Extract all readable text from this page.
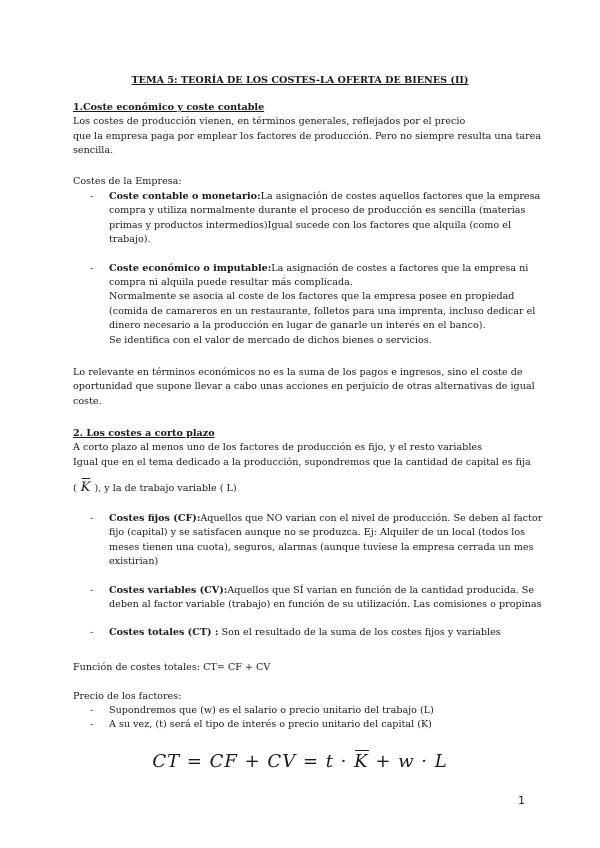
TEMA 5: TEORÍA DE LOS COSTES-LA OFERTA DE BIENES (II)
1.Coste económico y coste contable
Los costes de producción vienen, en términos generales, reflejados por el precio
que la empresa paga por emplear los factores de producción. Pero no siempre resulta una tarea
sencilla.
Costes de la Empresa:
- Coste contable o monetario:La asignación de costes aquellos factores que la empresa
compra y utiliza normalmente durante el proceso de producción es sencilla (materias
primas y productos intermedios)Igual sucede con los factores que alquila (como el
trabajo).
- Coste económico o imputable:La asignación de costes a factores que la empresa ni
compra ni alquila puede resultar más complicada.
Normalmente se asocia al coste de los factores que la empresa posee en propiedad
(comida de camareros en un restaurante, folletos para una imprenta, incluso dedicar el
dinero necesario a la producción en lugar de ganarle un interés en el banco).
Se identifica con el valor de mercado de dichos bienes o servicios.
Lo relevante en términos económicos no es la suma de los pagos e ingresos, sino el coste de
oportunidad que supone llevar a cabo unas acciones en perjuicio de otras alternativas de igual
coste.
2. Los costes a corto plazo
A corto plazo al menos uno de los factores de producción es fijo, y el resto variables
Igual que en el tema dedicado a la producción, supondremos que la cantidad de capital es fija
( K ), y la de trabajo variable ( L)
- Costes fijos (CF):Aquellos que NO varian con el nivel de producción. Se deben al factor
fijo (capital) y se satisfacen aunque no se produzca. Ej: Alquiler de un local (todos los
meses tienen una cuota), seguros, alarmas (aunque tuviese la empresa cerrada un mes
existirian)
- Costes variables (CV):Aquellos que SÍ varian en función de la cantidad producida. Se
deben al factor variable (trabajo) en función de su utilización. Las comisiones o propinas
- Costes totales (CT) : Son el resultado de la suma de los costes fijos y variables
Función de costes totales: CT= CF + CV
Precio de los factores:
- Supondremos que (w) es el salario o precio unitario del trabajo (L)
- A su vez, (t) será el tipo de interés o precio unitario del capital (K)
CT = CF + CV = t · K + w · L
1
